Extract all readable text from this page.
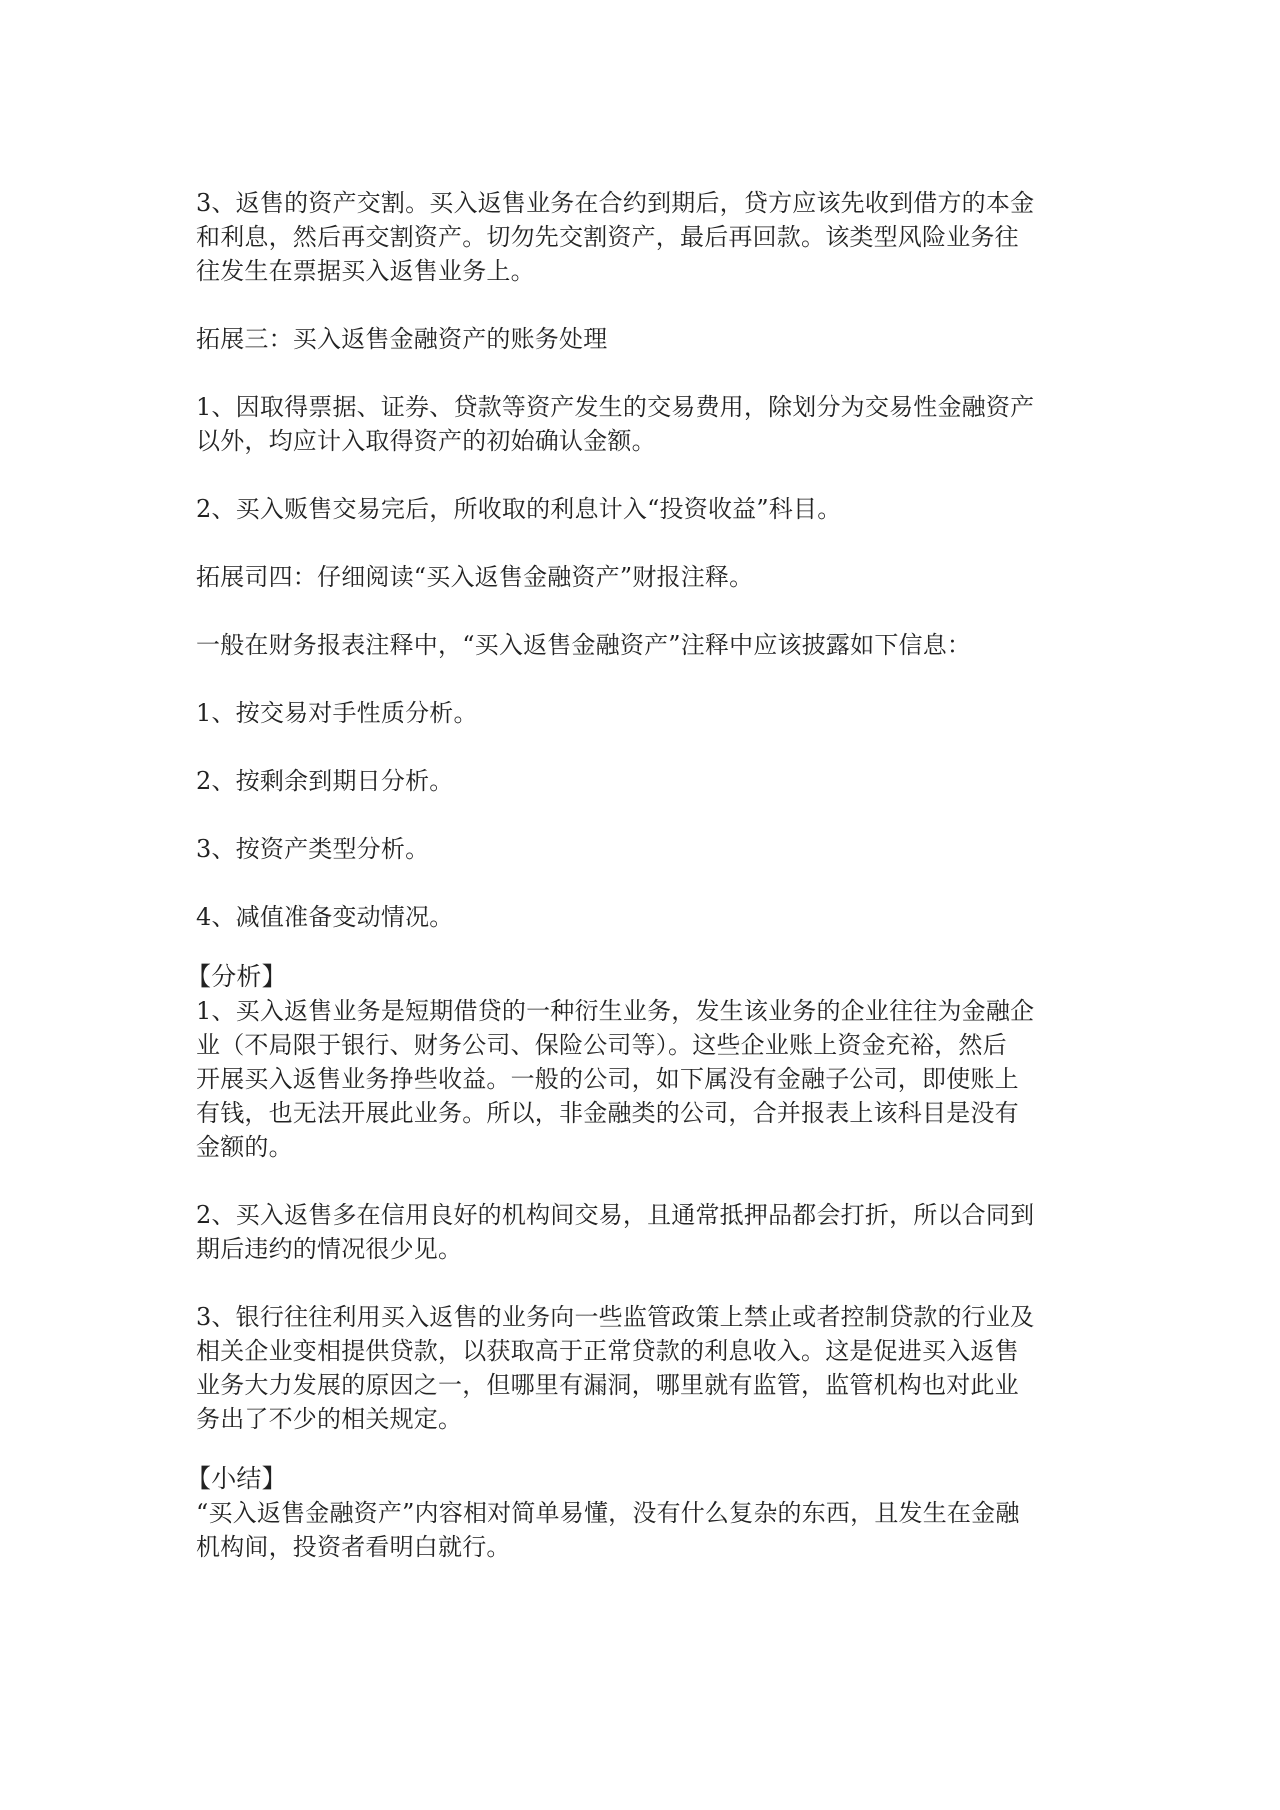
3、返售的资产交割。买入返售业务在合约到期后，贷方应该先收到借方的本金

和利息，然后再交割资产。切勿先交割资产，最后再回款。该类型风险业务往

往发生在票据买入返售业务上。

拓展三：买入返售金融资产的账务处理

1、因取得票据、证券、贷款等资产发生的交易费用，除划分为交易性金融资产

以外，均应计入取得资产的初始确认金额。

2、买入贩售交易完后，所收取的利息计入“投资收益”科目。

拓展司四：仔细阅读“买入返售金融资产”财报注释。

一般在财务报表注释中，“买入返售金融资产”注释中应该披露如下信息：

1、按交易对手性质分析。

2、按剩余到期日分析。

3、按资产类型分析。

4、减值准备变动情况。

【分析】

1、买入返售业务是短期借贷的一种衍生业务，发生该业务的企业往往为金融企

业（不局限于银行、财务公司、保险公司等）。这些企业账上资金充裕，然后

开展买入返售业务挣些收益。一般的公司，如下属没有金融子公司，即使账上

有钱，也无法开展此业务。所以，非金融类的公司，合并报表上该科目是没有

金额的。

2、买入返售多在信用良好的机构间交易，且通常抵押品都会打折，所以合同到

期后违约的情况很少见。

3、银行往往利用买入返售的业务向一些监管政策上禁止或者控制贷款的行业及

相关企业变相提供贷款，以获取高于正常贷款的利息收入。这是促进买入返售

业务大力发展的原因之一，但哪里有漏洞，哪里就有监管，监管机构也对此业

务出了不少的相关规定。

【小结】

“买入返售金融资产”内容相对简单易懂，没有什么复杂的东西，且发生在金融

机构间，投资者看明白就行。
